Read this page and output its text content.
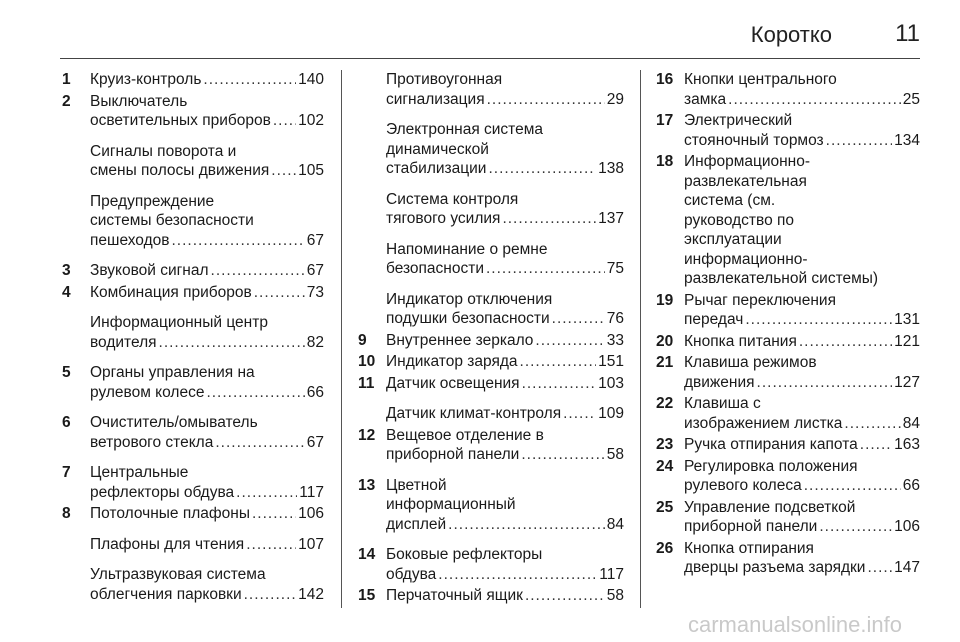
Коротко	11
1	Круиз-контроль .....	140
2	Выключатель
осветительных приборов ..... 102
Сигналы поворота и
смены полосы движения ..... 105
Предупреждение
системы безопасности
пешеходов .....	67
3	Звуковой сигнал .....	67
4	Комбинация приборов .....	73
Информационный центр
водителя .....	82
5	Органы управления на
рулевом колесе .....	66
6	Очиститель/омыватель
ветрового стекла .....	67
7	Центральные
рефлекторы обдува .....	117
8	Потолочные плафоны .....	106
Плафоны для чтения .....	107
Ультразвуковая система
облегчения парковки .....	142
Противоугонная
сигнализация .....	29
Электронная система
динамической
стабилизации .....	138
Система контроля
тягового усилия .....	137
Напоминание о ремне
безопасности .....	75
Индикатор отключения
подушки безопасности .....	76
9	Внутреннее зеркало .....	33
10 Индикатор заряда .....	151
11 Датчик освещения .....	103
Датчик климат-контроля ..... 109
12 Вещевое отделение в
приборной панели .....	58
13 Цветной
информационный
дисплей .....	84
14 Боковые рефлекторы
обдува .....	117
15 Перчаточный ящик .....	58
16 Кнопки центрального
замка .....	25
17 Электрический
стояночный тормоз .....	134
18 Информационно-
развлекательная
система (см.
руководство по
эксплуатации
информационно-
развлекательной системы)
19 Рычаг переключения
передач .....	131
20 Кнопка питания .....	121
21 Клавиша режимов
движения .....	127
22 Клавиша с
изображением листка .....	84
23 Ручка отпирания капота ..... 163
24 Регулировка положения
рулевого колеса .....	66
25 Управление подсветкой
приборной панели .....	106
26 Кнопка отпирания
дверцы разъема зарядки ..... 147
carmanualsonline.info
